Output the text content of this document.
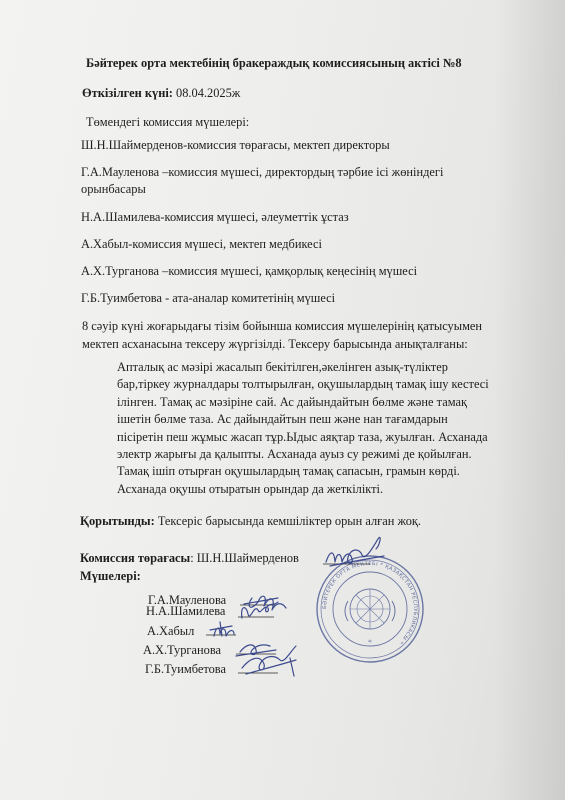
Бәйтерек орта мектебінің бракераждық комиссиясының актісі №8
Өткізілген күні: 08.04.2025ж
Төмендегі комиссия мүшелері:
Ш.Н.Шаймерденов-комиссия төрағасы, мектеп директоры
Г.А.Мауленова –комиссия мүшесі, директордың тәрбие ісі жөніндегі
орынбасары
Н.А.Шамилева-комиссия мүшесі, әлеуметтік ұстаз
А.Хабыл-комиссия мүшесі, мектеп медбикесі
А.Х.Турганова –комиссия мүшесі, қамқорлық кеңесінің мүшесі
Г.Б.Туимбетова - ата-аналар комитетінің мүшесі

8 сәуір күні жоғарыдағы тізім бойынша комиссия мүшелерінің қатысуымен

мектеп асханасына тексеру жүргізілді. Тексеру барысында анықталғаны:

Апталық ас мәзірі жасалып бекітілген,әкелінген азық-түліктер

бар,тіркеу журналдары толтырылған, оқушылардың тамақ ішу кестесі

ілінген. Тамақ ас мәзіріне сай. Ас дайындайтын бөлме және тамақ

ішетін бөлме таза. Ас дайындайтын пеш және нан тағамдарын

пісіретін пеш жұмыс жасап тұр.Ыдыс аяқтар таза, жуылған. Асханада

электр жарығы да қалыпты. Асханада ауыз су режимі де қойылған.

Тамақ ішіп отырған оқушылардың тамақ сапасын, грамын көрді.

Асханада оқушы отыратын орындар да жеткілікті.

Қорытынды: Тексеріс барысында кемшіліктер орын алған жоқ.
Комиссия төрағасы: Ш.Н.Шаймерденов
Мүшелері:
Г.А.Мауленова
Н.А.Шамилева
А.Хабыл
А.Х.Турганова
Г.Б.Туимбетова
БӘЙТЕРЕК ОРТА МЕКТЕБІ * ҚАЗАҚСТАН РЕСПУБЛИКАСЫ *
*
